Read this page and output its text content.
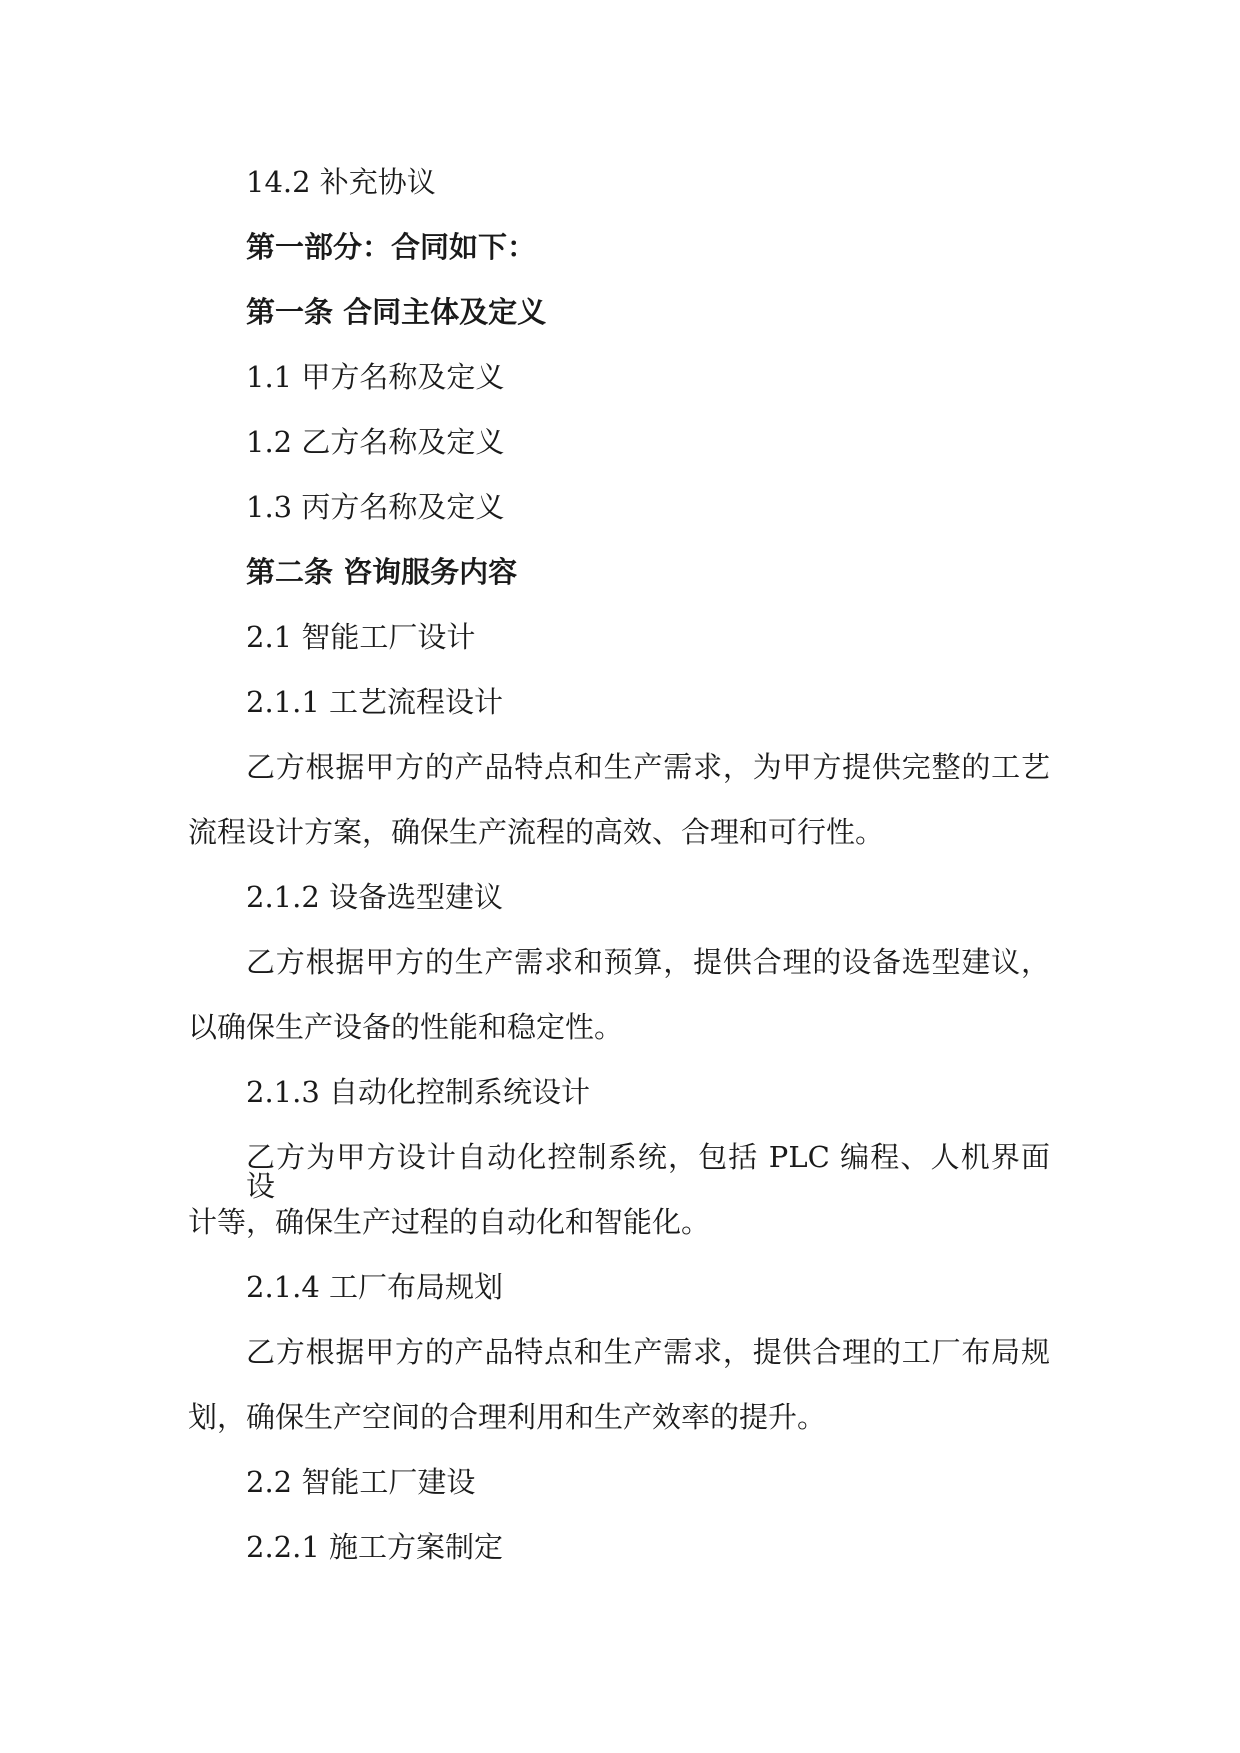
14.2 补充协议
第一部分：合同如下：
第一条 合同主体及定义
1.1 甲方名称及定义
1.2 乙方名称及定义
1.3 丙方名称及定义
第二条 咨询服务内容
2.1 智能工厂设计
2.1.1 工艺流程设计
乙方根据甲方的产品特点和生产需求，为甲方提供完整的工艺
流程设计方案，确保生产流程的高效、合理和可行性。
2.1.2 设备选型建议
乙方根据甲方的生产需求和预算，提供合理的设备选型建议，
以确保生产设备的性能和稳定性。
2.1.3 自动化控制系统设计
乙方为甲方设计自动化控制系统，包括 PLC 编程、人机界面设
计等，确保生产过程的自动化和智能化。
2.1.4 工厂布局规划
乙方根据甲方的产品特点和生产需求，提供合理的工厂布局规
划，确保生产空间的合理利用和生产效率的提升。
2.2 智能工厂建设
2.2.1 施工方案制定
